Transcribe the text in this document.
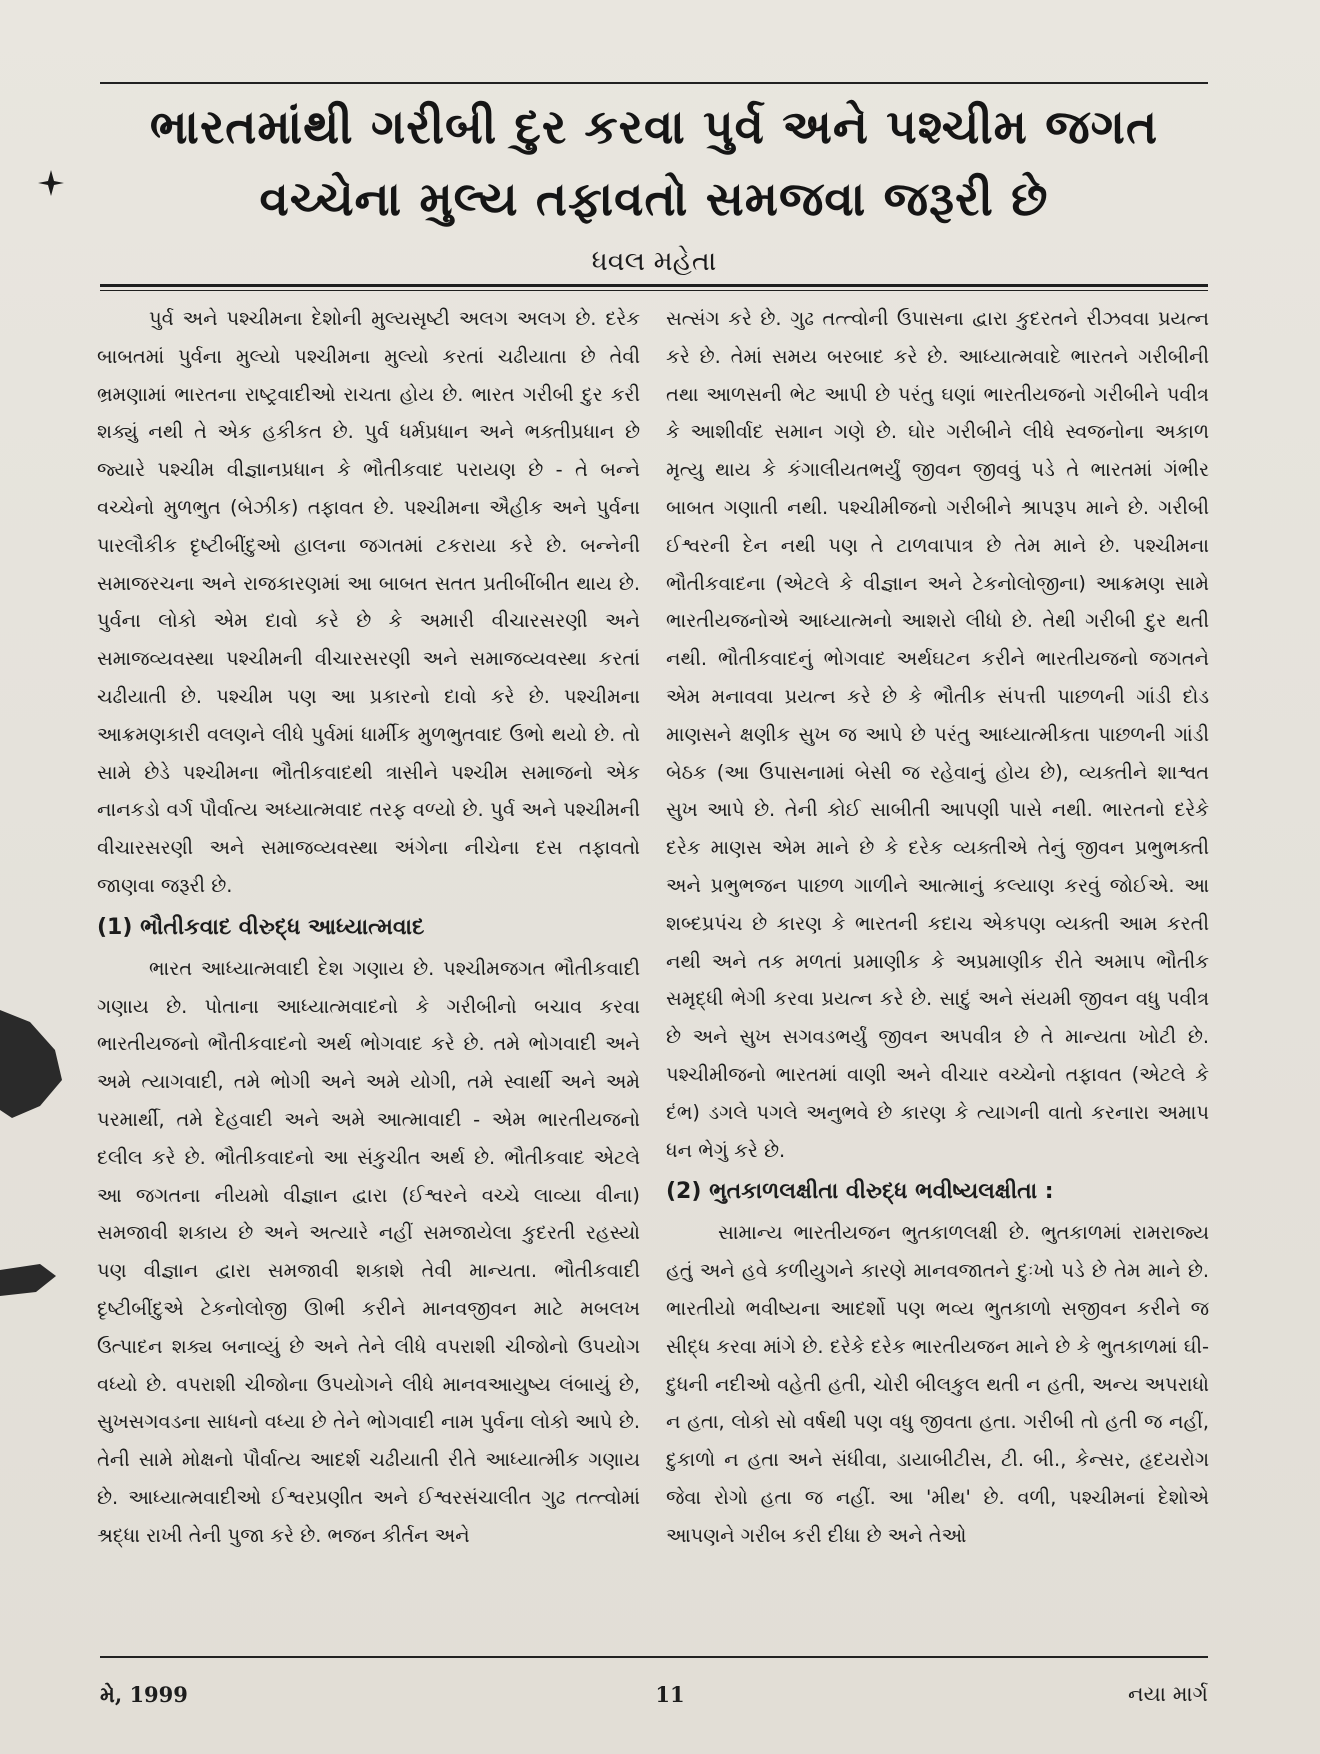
ભારતમાંથી ગરીબી દુર કરવા પુર્વ અને પશ્ચીમ જગત
વચ્ચેના મુલ્ય તફાવતો સમજવા જરૂરી છે
ધવલ મહેતા

પુર્વ અને પશ્ચીમના દેશોની મુલ્યસૃષ્ટી અલગ અલગ છે. દરેક બાબતમાં પુર્વના મુલ્યો પશ્ચીમના મુલ્યો કરતાં ચઢીયાતા છે તેવી ભ્રમણામાં ભારતના રાષ્ટ્રવાદીઓ રાચતા હોય છે. ભારત ગરીબી દુર કરી શક્યું નથી તે એક હકીકત છે. પુર્વ ધર્મપ્રધાન અને ભક્તીપ્રધાન છે જ્યારે પશ્ચીમ વીજ્ઞાનપ્રધાન કે ભૌતીકવાદ પરાયણ છે - તે બન્ને વચ્ચેનો મુળભુત (બેઝીક) તફાવત છે. પશ્ચીમના ઐહીક અને પુર્વના પારલૌકીક દૃષ્ટીબીંદુઓ હાલના જગતમાં ટકરાયા કરે છે. બન્નેની સમાજરચના અને રાજકારણમાં આ બાબત સતત પ્રતીબીંબીત થાય છે. પુર્વના લોકો એમ દાવો કરે છે કે અમારી વીચારસરણી અને સમાજવ્યવસ્થા પશ્ચીમની વીચારસરણી અને સમાજવ્યવસ્થા કરતાં ચઢીયાતી છે. પશ્ચીમ પણ આ પ્રકારનો દાવો કરે છે. પશ્ચીમના આક્રમણકારી વલણને લીધે પુર્વમાં ધાર્મીક મુળભુતવાદ ઉભો થયો છે. તો સામે છેડે પશ્ચીમના ભૌતીકવાદથી ત્રાસીને પશ્ચીમ સમાજનો એક નાનકડો વર્ગ પૌર્વાત્ય અધ્યાત્મવાદ તરફ વળ્યો છે. પુર્વ અને પશ્ચીમની વીચારસરણી અને સમાજવ્યવસ્થા અંગેના નીચેના દસ તફાવતો જાણવા જરૂરી છે.

(1) ભૌતીકવાદ વીરુદ્ધ આધ્યાત્મવાદ

ભારત આધ્યાત્મવાદી દેશ ગણાય છે. પશ્ચીમજગત ભૌતીકવાદી ગણાય છે. પોતાના આધ્યાત્મવાદનો કે ગરીબીનો બચાવ કરવા ભારતીયજનો ભૌતીકવાદનો અર્થ ભોગવાદ કરે છે. તમે ભોગવાદી અને અમે ત્યાગવાદી, તમે ભોગી અને અમે યોગી, તમે સ્વાર્થી અને અમે પરમાર્થી, તમે દેહવાદી અને અમે આત્માવાદી - એમ ભારતીયજનો દલીલ કરે છે. ભૌતીકવાદનો આ સંકુચીત અર્થ છે. ભૌતીકવાદ એટલે આ જગતના નીયમો વીજ્ઞાન દ્વારા (ઈશ્વરને વચ્ચે લાવ્યા વીના) સમજાવી શકાય છે અને અત્યારે નહીં સમજાયેલા કુદરતી રહસ્યો પણ વીજ્ઞાન દ્વારા સમજાવી શકાશે તેવી માન્યતા. ભૌતીકવાદી દૃષ્ટીબીંદુએ ટેકનોલોજી ઊભી કરીને માનવજીવન માટે મબલખ ઉત્પાદન શક્ય બનાવ્યું છે અને તેને લીધે વપરાશી ચીજોનો ઉપયોગ વધ્યો છે. વપરાશી ચીજોના ઉપયોગને લીધે માનવઆયુષ્ય લંબાયું છે, સુખસગવડના સાધનો વધ્યા છે તેને ભોગવાદી નામ પુર્વના લોકો આપે છે. તેની સામે મોક્ષનો પૌર્વાત્ય આદર્શ ચઢીયાતી રીતે આધ્યાત્મીક ગણાય છે. આધ્યાત્મવાદીઓ ઈશ્વરપ્રણીત અને ઈશ્વરસંચાલીત ગુઢ તત્ત્વોમાં શ્રદ્ધા રાખી તેની પુજા કરે છે. ભજન કીર્તન અને

સત્સંગ કરે છે. ગુઢ તત્ત્વોની ઉપાસના દ્વારા કુદરતને રીઝવવા પ્રયત્ન કરે છે. તેમાં સમય બરબાદ કરે છે. આધ્યાત્મવાદે ભારતને ગરીબીની તથા આળસની ભેટ આપી છે પરંતુ ઘણાં ભારતીયજનો ગરીબીને પવીત્ર કે આશીર્વાદ સમાન ગણે છે. ઘોર ગરીબીને લીધે સ્વજનોના અકાળ મૃત્યુ થાય કે કંગાલીયતભર્યું જીવન જીવવું પડે તે ભારતમાં ગંભીર બાબત ગણાતી નથી. પશ્ચીમીજનો ગરીબીને શ્રાપરૂપ માને છે. ગરીબી ઈશ્વરની દેન નથી પણ તે ટાળવાપાત્ર છે તેમ માને છે. પશ્ચીમના ભૌતીકવાદના (એટલે કે વીજ્ઞાન અને ટેકનોલોજીના) આક્રમણ સામે ભારતીયજનોએ આધ્યાત્મનો આશરો લીધો છે. તેથી ગરીબી દુર થતી નથી. ભૌતીકવાદનું ભોગવાદ અર્થઘટન કરીને ભારતીયજનો જગતને એમ મનાવવા પ્રયત્ન કરે છે કે ભૌતીક સંપત્તી પાછળની ગાંડી દોડ માણસને ક્ષણીક સુખ જ આપે છે પરંતુ આધ્યાત્મીકતા પાછળની ગાંડી બેઠક (આ ઉપાસનામાં બેસી જ રહેવાનું હોય છે), વ્યક્તીને શાશ્વત સુખ આપે છે. તેની કોઈ સાબીતી આપણી પાસે નથી. ભારતનો દરેકે દરેક માણસ એમ માને છે કે દરેક વ્યક્તીએ તેનું જીવન પ્રભુભક્તી અને પ્રભુભજન પાછળ ગાળીને આત્માનું કલ્યાણ કરવું જોઈએ. આ શબ્દપ્રપંચ છે કારણ કે ભારતની કદાચ એકપણ વ્યક્તી આમ કરતી નથી અને તક મળતાં પ્રમાણીક કે અપ્રમાણીક રીતે અમાપ ભૌતીક સમૃદ્ધી ભેગી કરવા પ્રયત્ન કરે છે. સાદું અને સંયમી જીવન વધુ પવીત્ર છે અને સુખ સગવડભર્યું જીવન અપવીત્ર છે તે માન્યતા ખોટી છે. પશ્ચીમીજનો ભારતમાં વાણી અને વીચાર વચ્ચેનો તફાવત (એટલે કે દંભ) ડગલે પગલે અનુભવે છે કારણ કે ત્યાગની વાતો કરનારા અમાપ ધન ભેગું કરે છે.

(2) ભુતકાળલક્ષીતા વીરુદ્ધ ભવીષ્યલક્ષીતા :

સામાન્ય ભારતીયજન ભુતકાળલક્ષી છે. ભુતકાળમાં રામરાજ્ય હતું અને હવે કળીયુગને કારણે માનવજાતને દુઃખો પડે છે તેમ માને છે. ભારતીયો ભવીષ્યના આદર્શો પણ ભવ્ય ભુતકાળો સજીવન કરીને જ સીદ્ધ કરવા માંગે છે. દરેકે દરેક ભારતીયજન માને છે કે ભુતકાળમાં ઘી-દુધની નદીઓ વહેતી હતી, ચોરી બીલકુલ થતી ન હતી, અન્ય અપરાધો ન હતા, લોકો સો વર્ષથી પણ વધુ જીવતા હતા. ગરીબી તો હતી જ નહીં, દુકાળો ન હતા અને સંધીવા, ડાયાબીટીસ, ટી. બી., કેન્સર, હૃદયરોગ જેવા રોગો હતા જ નહીં. આ 'મીથ' છે. વળી, પશ્ચીમનાં દેશોએ આપણને ગરીબ કરી દીધા છે અને તેઓ

મે, 1999	11	નયા માર્ગ
